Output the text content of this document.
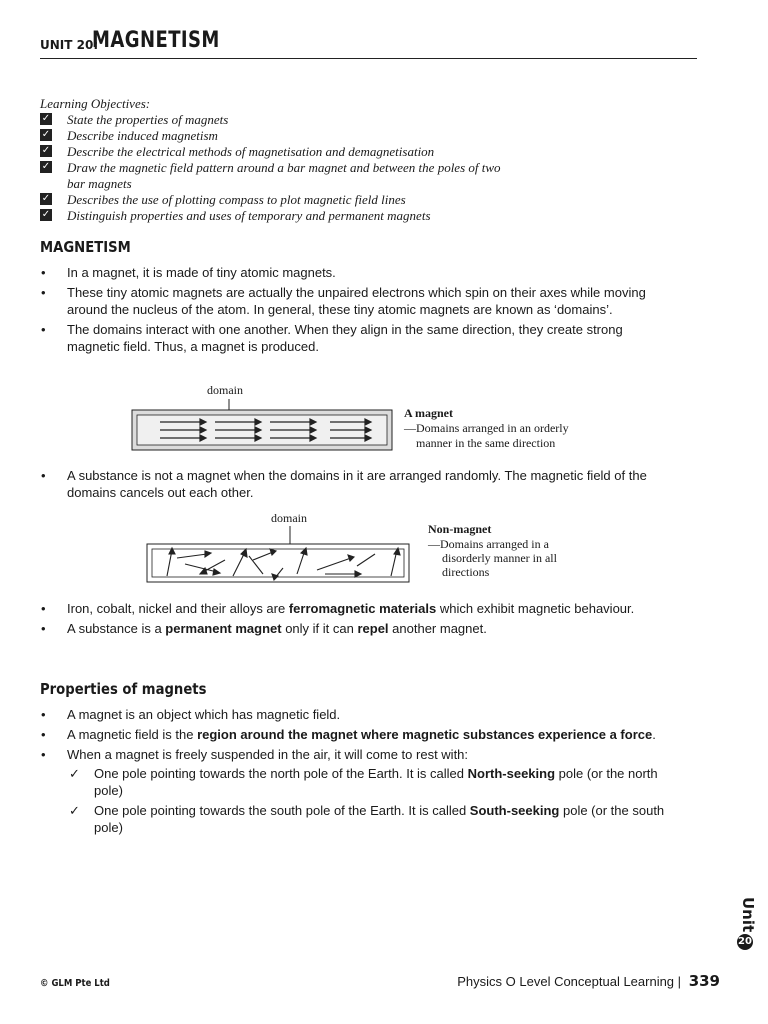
UNIT 20:
MAGNETISM
Learning Objectives:
✓ State the properties of magnets
✓ Describe induced magnetism
✓ Describe the electrical methods of magnetisation and demagnetisation
✓ Draw the magnetic field pattern around a bar magnet and between the poles of two bar magnets
✓ Describes the use of plotting compass to plot magnetic field lines
✓ Distinguish properties and uses of temporary and permanent magnets
MAGNETISM
• In a magnet, it is made of tiny atomic magnets.
• These tiny atomic magnets are actually the unpaired electrons which spin on their axes while moving around the nucleus of the atom. In general, these tiny atomic magnets are known as ‘domains’.
• The domains interact with one another. When they align in the same direction, they create strong magnetic field. Thus, a magnet is produced.
domain
A magnet
—Domains arranged in an orderly
manner in the same direction
• A substance is not a magnet when the domains in it are arranged randomly. The magnetic field of the domains cancels out each other.
domain
Non-magnet
—Domains arranged in a
disorderly manner in all
directions
• Iron, cobalt, nickel and their alloys are ferromagnetic materials which exhibit magnetic behaviour.
• A substance is a permanent magnet only if it can repel another magnet.
Properties of magnets
• A magnet is an object which has magnetic field.
• A magnetic field is the region around the magnet where magnetic substances experience a force.
• When a magnet is freely suspended in the air, it will come to rest with:
✓ One pole pointing towards the north pole of the Earth. It is called North-seeking pole (or the north pole)
✓ One pole pointing towards the south pole of the Earth. It is called South-seeking pole (or the south pole)
Unit20
© GLM Pte Ltd	Physics O Level Conceptual Learning | 339
